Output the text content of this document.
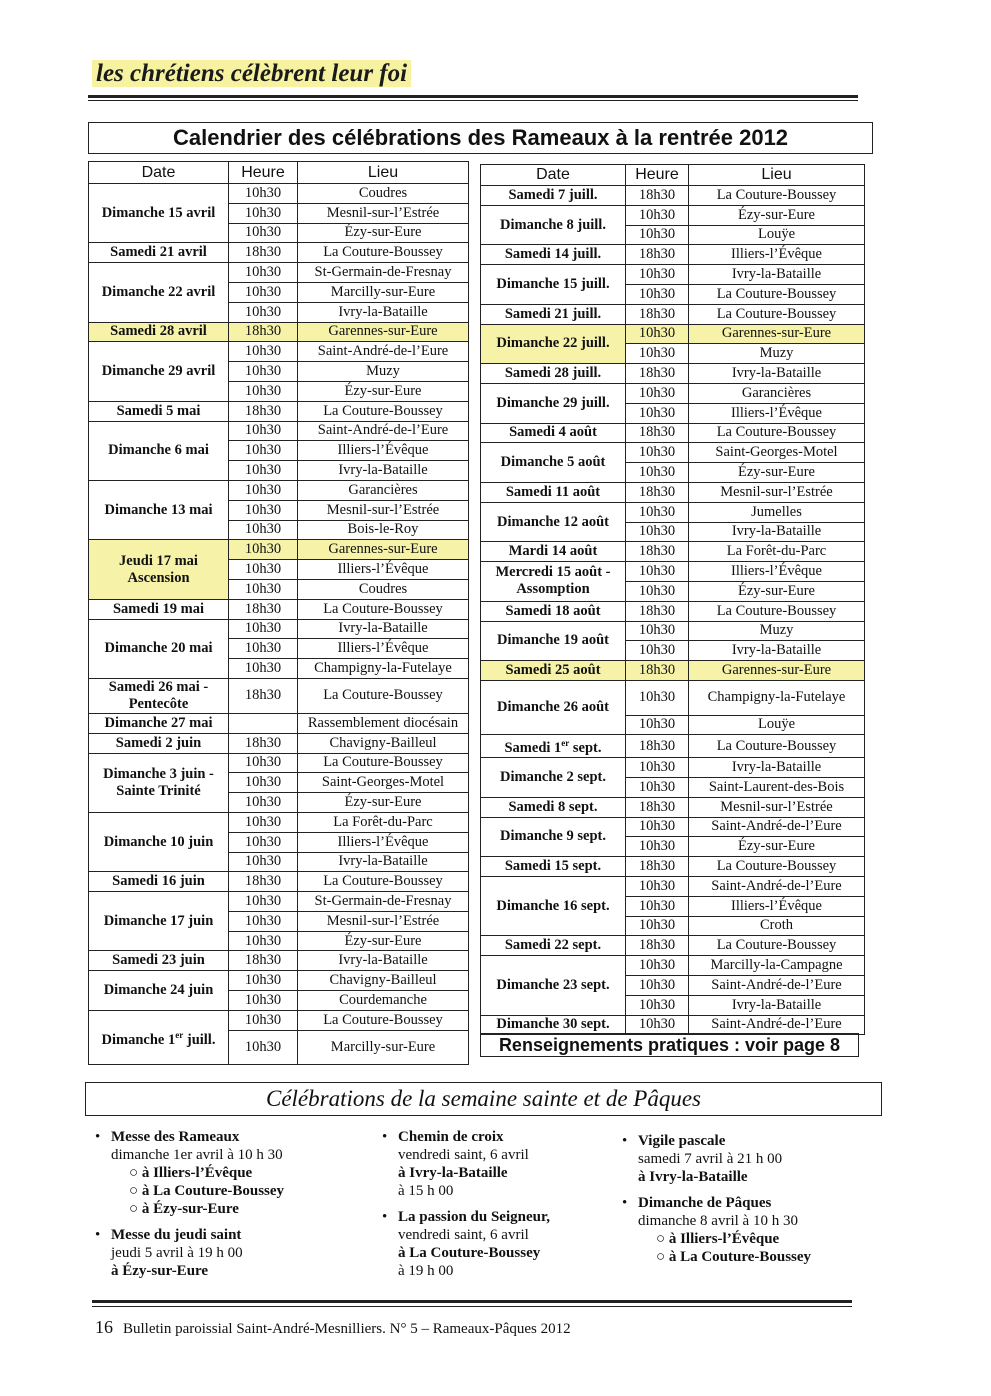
les chrétiens célèbrent leur foi
Calendrier des célébrations des Rameaux à la rentrée 2012
Date	Heure	Lieu
Dimanche 15 avril	10h30	Coudres
	10h30	Mesnil-sur-l’Estrée
	10h30	Ézy-sur-Eure
Samedi 21 avril	18h30	La Couture-Boussey
Dimanche 22 avril	10h30	St-Germain-de-Fresnay
	10h30	Marcilly-sur-Eure
	10h30	Ivry-la-Bataille
Samedi 28 avril	18h30	Garennes-sur-Eure
Dimanche 29 avril	10h30	Saint-André-de-l’Eure
	10h30	Muzy
	10h30	Ézy-sur-Eure
Samedi 5 mai	18h30	La Couture-Boussey
Dimanche 6 mai	10h30	Saint-André-de-l’Eure
	10h30	Illiers-l’Évêque
	10h30	Ivry-la-Bataille
Dimanche 13 mai	10h30	Garancières
	10h30	Mesnil-sur-l’Estrée
	10h30	Bois-le-Roy
Jeudi 17 mai
Ascension	10h30	Garennes-sur-Eure
	10h30	Illiers-l’Évêque
	10h30	Coudres
Samedi 19 mai	18h30	La Couture-Boussey
Dimanche 20 mai	10h30	Ivry-la-Bataille
	10h30	Illiers-l’Évêque
	10h30	Champigny-la-Futelaye
Samedi 26 mai -
Pentecôte	18h30	La Couture-Boussey
Dimanche 27 mai		Rassemblement diocésain
Samedi 2 juin	18h30	Chavigny-Bailleul
Dimanche 3 juin -
Sainte Trinité	10h30	La Couture-Boussey
	10h30	Saint-Georges-Motel
	10h30	Ézy-sur-Eure
Dimanche 10 juin	10h30	La Forêt-du-Parc
	10h30	Illiers-l’Évêque
	10h30	Ivry-la-Bataille
Samedi 16 juin	18h30	La Couture-Boussey
Dimanche 17 juin	10h30	St-Germain-de-Fresnay
	10h30	Mesnil-sur-l’Estrée
	10h30	Ézy-sur-Eure
Samedi 23 juin	18h30	Ivry-la-Bataille
Dimanche 24 juin	10h30	Chavigny-Bailleul
	10h30	Courdemanche
Dimanche 1er juill.	10h30	La Couture-Boussey
	10h30	Marcilly-sur-Eure
Date	Heure	Lieu
Samedi 7 juill.	18h30	La Couture-Boussey
Dimanche 8 juill.	10h30	Ézy-sur-Eure
	10h30	Louÿe
Samedi 14 juill.	18h30	Illiers-l’Évêque
Dimanche 15 juill.	10h30	Ivry-la-Bataille
	10h30	La Couture-Boussey
Samedi 21 juill.	18h30	La Couture-Boussey
Dimanche 22 juill.	10h30	Garennes-sur-Eure
	10h30	Muzy
Samedi 28 juill.	18h30	Ivry-la-Bataille
Dimanche 29 juill.	10h30	Garancières
	10h30	Illiers-l’Évêque
Samedi 4 août	18h30	La Couture-Boussey
Dimanche 5 août	10h30	Saint-Georges-Motel
	10h30	Ézy-sur-Eure
Samedi 11 août	18h30	Mesnil-sur-l’Estrée
Dimanche 12 août	10h30	Jumelles
	10h30	Ivry-la-Bataille
Mardi 14 août	18h30	La Forêt-du-Parc
Mercredi 15 août -
Assomption	10h30	Illiers-l’Évêque
	10h30	Ézy-sur-Eure
Samedi 18 août	18h30	La Couture-Boussey
Dimanche 19 août	10h30	Muzy
	10h30	Ivry-la-Bataille
Samedi 25 août	18h30	Garennes-sur-Eure
Dimanche 26 août	10h30	Champigny-la-Futelaye
	10h30	Louÿe
Samedi 1er sept.	18h30	La Couture-Boussey
Dimanche 2 sept.	10h30	Ivry-la-Bataille
	10h30	Saint-Laurent-des-Bois
Samedi 8 sept.	18h30	Mesnil-sur-l’Estrée
Dimanche 9 sept.	10h30	Saint-André-de-l’Eure
	10h30	Ézy-sur-Eure
Samedi 15 sept.	18h30	La Couture-Boussey
Dimanche 16 sept.	10h30	Saint-André-de-l’Eure
	10h30	Illiers-l’Évêque
	10h30	Croth
Samedi 22 sept.	18h30	La Couture-Boussey
Dimanche 23 sept.	10h30	Marcilly-la-Campagne
	10h30	Saint-André-de-l’Eure
	10h30	Ivry-la-Bataille
Dimanche 30 sept.	10h30	Saint-André-de-l’Eure
Renseignements pratiques : voir page 8
Célébrations de la semaine sainte et de Pâques
• Messe des Rameaux
dimanche 1er avril à 10 h 30
○ à Illiers-l’Évêque
○ à La Couture-Boussey
○ à Ézy-sur-Eure
• Messe du jeudi saint
jeudi 5 avril à 19 h 00
à Ézy-sur-Eure
• Chemin de croix
vendredi saint, 6 avril
à Ivry-la-Bataille
à 15 h 00
• La passion du Seigneur,
vendredi saint, 6 avril
à La Couture-Boussey
à 19 h 00
• Vigile pascale
samedi 7 avril à 21 h 00
à Ivry-la-Bataille
• Dimanche de Pâques
dimanche 8 avril à 10 h 30
○ à Illiers-l’Évêque
○ à La Couture-Boussey
16 Bulletin paroissial Saint-André-Mesnilliers. N° 5 – Rameaux-Pâques 2012
